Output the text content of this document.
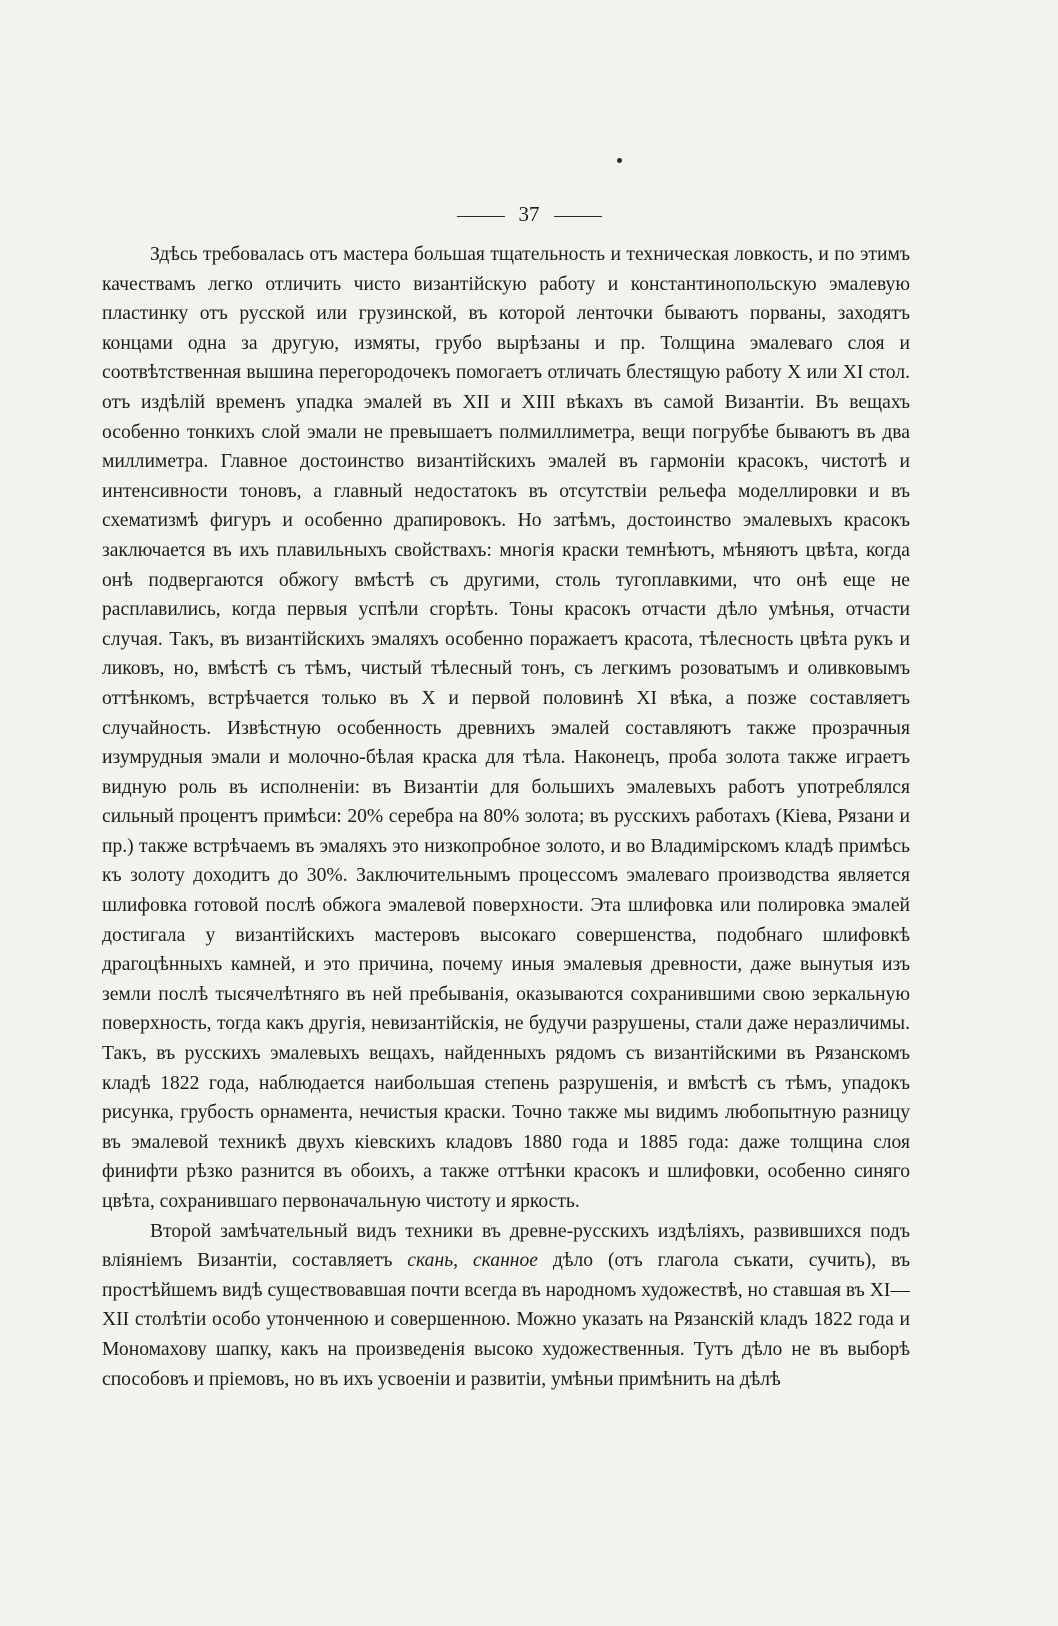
37

Здѣсь требовалась отъ мастера большая тщательность и техническая ловкость, и по этимъ качествамъ легко отличить чисто византійскую работу и константинопольскую эмалевую пластинку отъ русской или грузинской, въ которой ленточки бываютъ порваны, заходятъ концами одна за другую, измяты, грубо вырѣзаны и пр. Толщина эмалеваго слоя и соотвѣтственная вышина перегородочекъ помогаетъ отличать блестящую работу X или XI стол. отъ издѣлій временъ упадка эмалей въ XII и XIII вѣкахъ въ самой Византіи. Въ вещахъ особенно тонкихъ слой эмали не превышаетъ полмиллиметра, вещи погрубѣе бываютъ въ два миллиметра. Главное достоинство византійскихъ эмалей въ гармоніи красокъ, чистотѣ и интенсивности тоновъ, а главный недостатокъ въ отсутствіи рельефа моделлировки и въ схематизмѣ фигуръ и особенно драпировокъ. Но затѣмъ, достоинство эмалевыхъ красокъ заключается въ ихъ плавильныхъ свойствахъ: многія краски темнѣютъ, мѣняютъ цвѣта, когда онѣ подвергаются обжогу вмѣстѣ съ другими, столь тугоплавкими, что онѣ еще не расплавились, когда первыя успѣли сгорѣть. Тоны красокъ отчасти дѣло умѣнья, отчасти случая. Такъ, въ византійскихъ эмаляхъ особенно поражаетъ красота, тѣлесность цвѣта рукъ и ликовъ, но, вмѣстѣ съ тѣмъ, чистый тѣлесный тонъ, съ легкимъ розоватымъ и оливковымъ оттѣнкомъ, встрѣчается только въ X и первой половинѣ XI вѣка, а позже составляетъ случайность. Извѣстную особенность древнихъ эмалей составляютъ также прозрачныя изумрудныя эмали и молочно-бѣлая краска для тѣла. Наконецъ, проба золота также играетъ видную роль въ исполненіи: въ Византіи для большихъ эмалевыхъ работъ употреблялся сильный процентъ примѣси: 20% серебра на 80% золота; въ русскихъ работахъ (Кіева, Рязани и пр.) также встрѣчаемъ въ эмаляхъ это низкопробное золото, и во Владимірскомъ кладѣ примѣсь къ золоту доходитъ до 30%. Заключительнымъ процессомъ эмалеваго производства является шлифовка готовой послѣ обжога эмалевой поверхности. Эта шлифовка или полировка эмалей достигала у византійскихъ мастеровъ высокаго совершенства, подобнаго шлифовкѣ драгоцѣнныхъ камней, и это причина, почему иныя эмалевыя древности, даже вынутыя изъ земли послѣ тысячелѣтняго въ ней пребыванія, оказываются сохранившими свою зеркальную поверхность, тогда какъ другія, невизантійскія, не будучи разрушены, стали даже неразличимы. Такъ, въ русскихъ эмалевыхъ вещахъ, найденныхъ рядомъ съ византійскими въ Рязанскомъ кладѣ 1822 года, наблюдается наибольшая степень разрушенія, и вмѣстѣ съ тѣмъ, упадокъ рисунка, грубость орнамента, нечистыя краски. Точно также мы видимъ любопытную разницу въ эмалевой техникѣ двухъ кіевскихъ кладовъ 1880 года и 1885 года: даже толщина слоя финифти рѣзко разнится въ обоихъ, а также оттѣнки красокъ и шлифовки, особенно синяго цвѣта, сохранившаго первоначальную чистоту и яркость.

Второй замѣчательный видъ техники въ древне-русскихъ издѣліяхъ, развившихся подъ вліяніемъ Византіи, составляетъ скань, сканное дѣло (отъ глагола съкати, сучить), въ простѣйшемъ видѣ существовавшая почти всегда въ народномъ художествѣ, но ставшая въ XI—XII столѣтіи особо утонченною и совершенною. Можно указать на Рязанскій кладъ 1822 года и Мономахову шапку, какъ на произведенія высоко художественныя. Тутъ дѣло не въ выборѣ способовъ и пріемовъ, но въ ихъ усвоеніи и развитіи, умѣньи примѣнить на дѣлѣ
